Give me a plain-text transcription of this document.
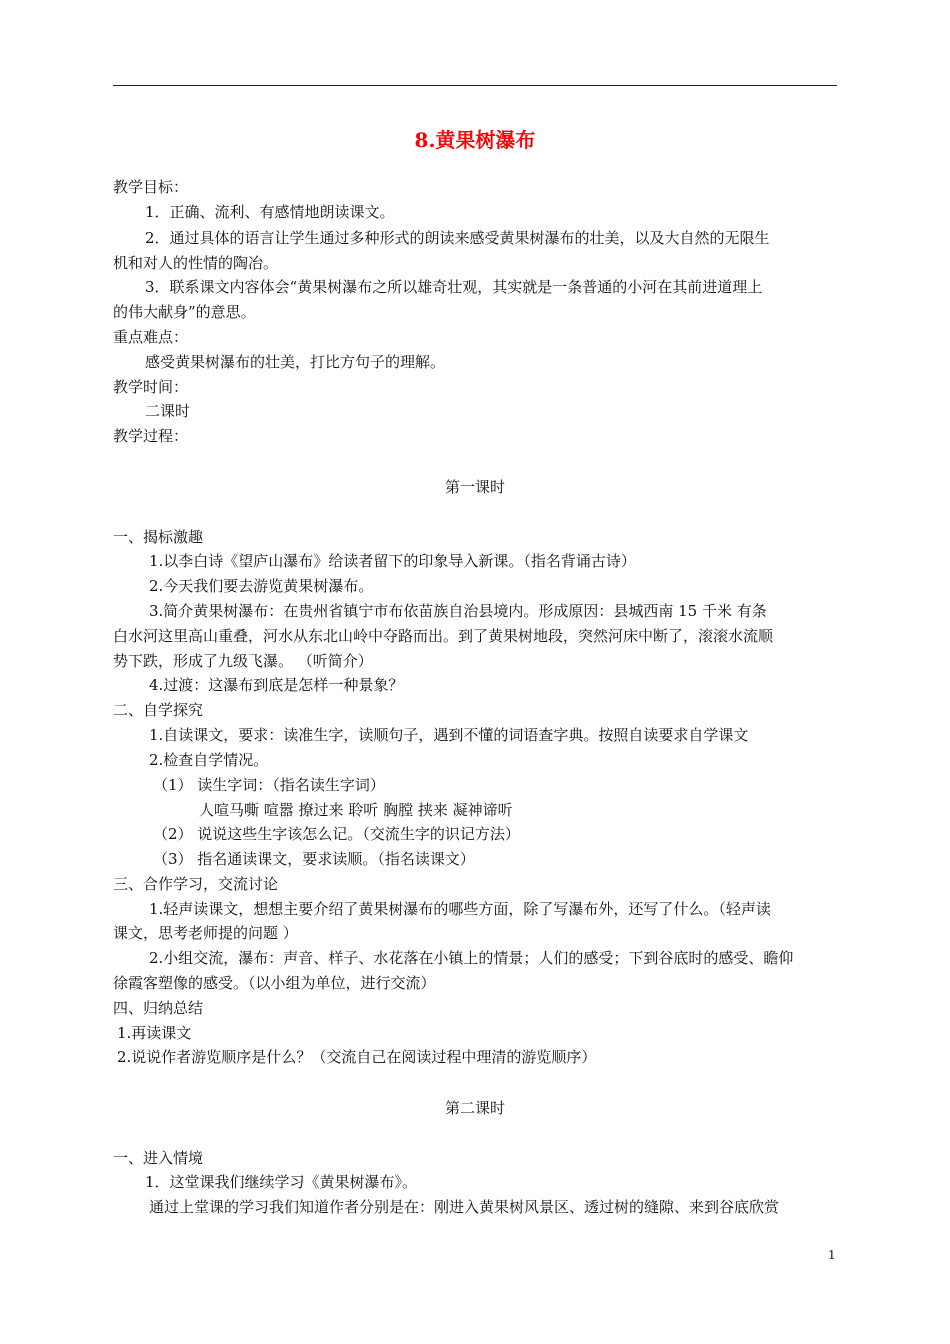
8.黄果树瀑布
教学目标：
1．正确、流利、有感情地朗读课文。
2．通过具体的语言让学生通过多种形式的朗读来感受黄果树瀑布的壮美，以及大自然的无限生
机和对人的性情的陶冶。
3．联系课文内容体会“黄果树瀑布之所以雄奇壮观，其实就是一条普通的小河在其前进道理上
的伟大献身”的意思。
重点难点：
感受黄果树瀑布的壮美，打比方句子的理解。
教学时间：
二课时
教学过程：
第一课时
一、揭标激趣
1.以李白诗《望庐山瀑布》给读者留下的印象导入新课。（指名背诵古诗）
2.今天我们要去游览黄果树瀑布。
3.简介黄果树瀑布：在贵州省镇宁市布依苗族自治县境内。形成原因：县城西南 15 千米 有条
白水河这里高山重叠，河水从东北山岭中夺路而出。到了黄果树地段，突然河床中断了，滚滚水流顺
势下跌，形成了九级飞瀑。 （听简介）
4.过渡：这瀑布到底是怎样一种景象？
二、自学探究
1.自读课文，要求：读准生字，读顺句子，遇到不懂的词语查字典。按照自读要求自学课文
2.检查自学情况。
（1） 读生字词：（指名读生字词）
人喧马嘶 喧嚣 撩过来 聆听 胸膛 挟来 凝神谛听
（2） 说说这些生字该怎么记。（交流生字的识记方法）
（3） 指名通读课文，要求读顺。（指名读课文）
三、合作学习，交流讨论
1.轻声读课文，想想主要介绍了黄果树瀑布的哪些方面，除了写瀑布外，还写了什么。（轻声读
课文，思考老师提的问题 ）
2.小组交流，瀑布：声音、样子、水花落在小镇上的情景；人们的感受；下到谷底时的感受、瞻仰
徐霞客塑像的感受。（以小组为单位，进行交流）
四、归纳总结
1.再读课文
2.说说作者游览顺序是什么？（交流自己在阅读过程中理清的游览顺序）
第二课时
一、进入情境
1．这堂课我们继续学习《黄果树瀑布》。
通过上堂课的学习我们知道作者分别是在：刚进入黄果树风景区、透过树的缝隙、来到谷底欣赏
1
